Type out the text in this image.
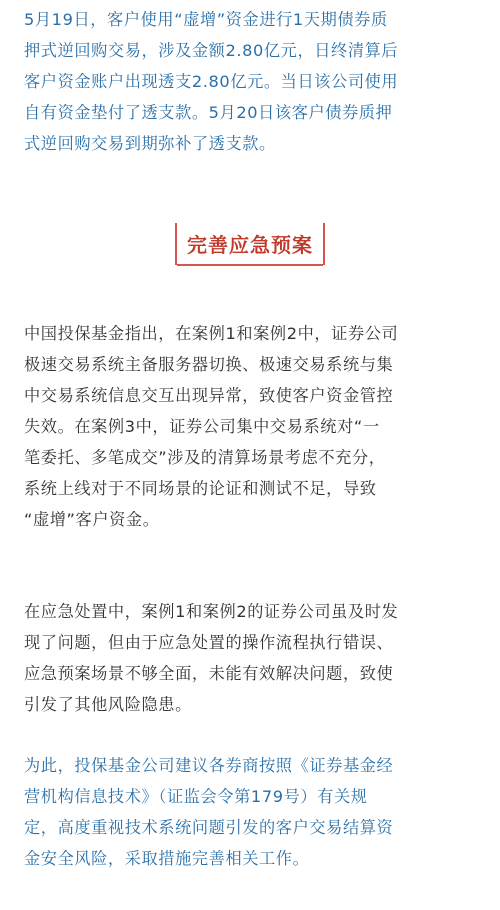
5月19日，客户使用“虚增”资金进行1天期债券质
押式逆回购交易，涉及金额2.80亿元，日终清算后
客户资金账户出现透支2.80亿元。当日该公司使用
自有资金垫付了透支款。5月20日该客户债券质押
式逆回购交易到期弥补了透支款。

完善应急预案

中国投保基金指出，在案例1和案例2中，证券公司
极速交易系统主备服务器切换、极速交易系统与集
中交易系统信息交互出现异常，致使客户资金管控
失效。在案例3中，证券公司集中交易系统对“一
笔委托、多笔成交”涉及的清算场景考虑不充分，
系统上线对于不同场景的论证和测试不足，导致
“虚增”客户资金。

在应急处置中，案例1和案例2的证券公司虽及时发
现了问题，但由于应急处置的操作流程执行错误、
应急预案场景不够全面，未能有效解决问题，致使
引发了其他风险隐患。

为此，投保基金公司建议各券商按照《证券基金经
营机构信息技术》（证监会令第179号）有关规
定，高度重视技术系统问题引发的客户交易结算资
金安全风险，采取措施完善相关工作。
